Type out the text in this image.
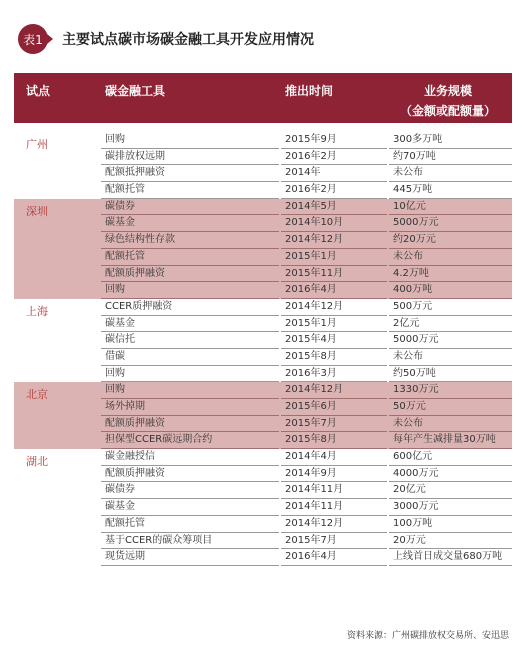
表1	主要试点碳市场碳金融工具开发应用情况
试点	碳金融工具	推出时间	业务规模
（金额或配额量）
广州	回购	2015年9月	300多万吨
碳排放权远期	2016年2月	约70万吨
配额抵押融资	2014年	未公布
配额托管	2016年2月	445万吨
深圳	碳债券	2014年5月	10亿元
碳基金	2014年10月	5000万元
绿色结构性存款	2014年12月	约20万元
配额托管	2015年1月	未公布
配额质押融资	2015年11月	4.2万吨
回购	2016年4月	400万吨
上海	CCER质押融资	2014年12月	500万元
碳基金	2015年1月	2亿元
碳信托	2015年4月	5000万元
借碳	2015年8月	未公布
回购	2016年3月	约50万吨
北京	回购	2014年12月	1330万元
场外掉期	2015年6月	50万元
配额质押融资	2015年7月	未公布
担保型CCER碳远期合约	2015年8月	每年产生减排量30万吨
湖北	碳金融授信	2014年4月	600亿元
配额质押融资	2014年9月	4000万元
碳债券	2014年11月	20亿元
碳基金	2014年11月	3000万元
配额托管	2014年12月	100万吨
基于CCER的碳众筹项目	2015年7月	20万元
现货远期	2016年4月	上线首日成交量680万吨
资料来源：广州碳排放权交易所、安迅思
